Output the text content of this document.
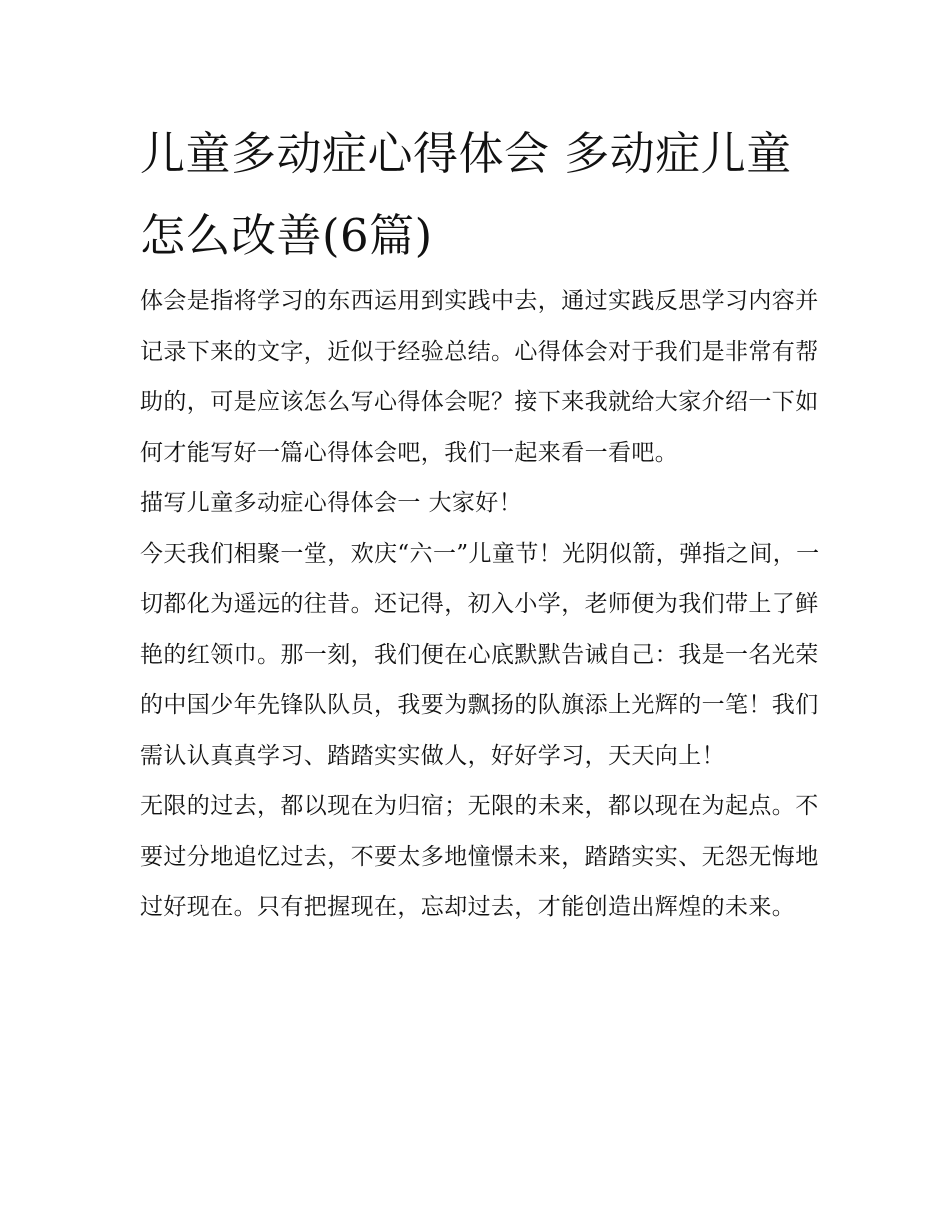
儿童多动症心得体会 多动症儿童怎么改善(6篇)

体会是指将学习的东西运用到实践中去，通过实践反思学习内容并记录下来的文字，近似于经验总结。心得体会对于我们是非常有帮助的，可是应该怎么写心得体会呢？接下来我就给大家介绍一下如何才能写好一篇心得体会吧，我们一起来看一看吧。

描写儿童多动症心得体会一 大家好！

今天我们相聚一堂，欢庆“六一”儿童节！光阴似箭，弹指之间，一切都化为遥远的往昔。还记得，初入小学，老师便为我们带上了鲜艳的红领巾。那一刻，我们便在心底默默告诫自己：我是一名光荣的中国少年先锋队队员，我要为飘扬的队旗添上光辉的一笔！我们需认认真真学习、踏踏实实做人，好好学习，天天向上！

无限的过去，都以现在为归宿；无限的未来，都以现在为起点。不要过分地追忆过去，不要太多地憧憬未来，踏踏实实、无怨无悔地过好现在。只有把握现在，忘却过去，才能创造出辉煌的未来。
